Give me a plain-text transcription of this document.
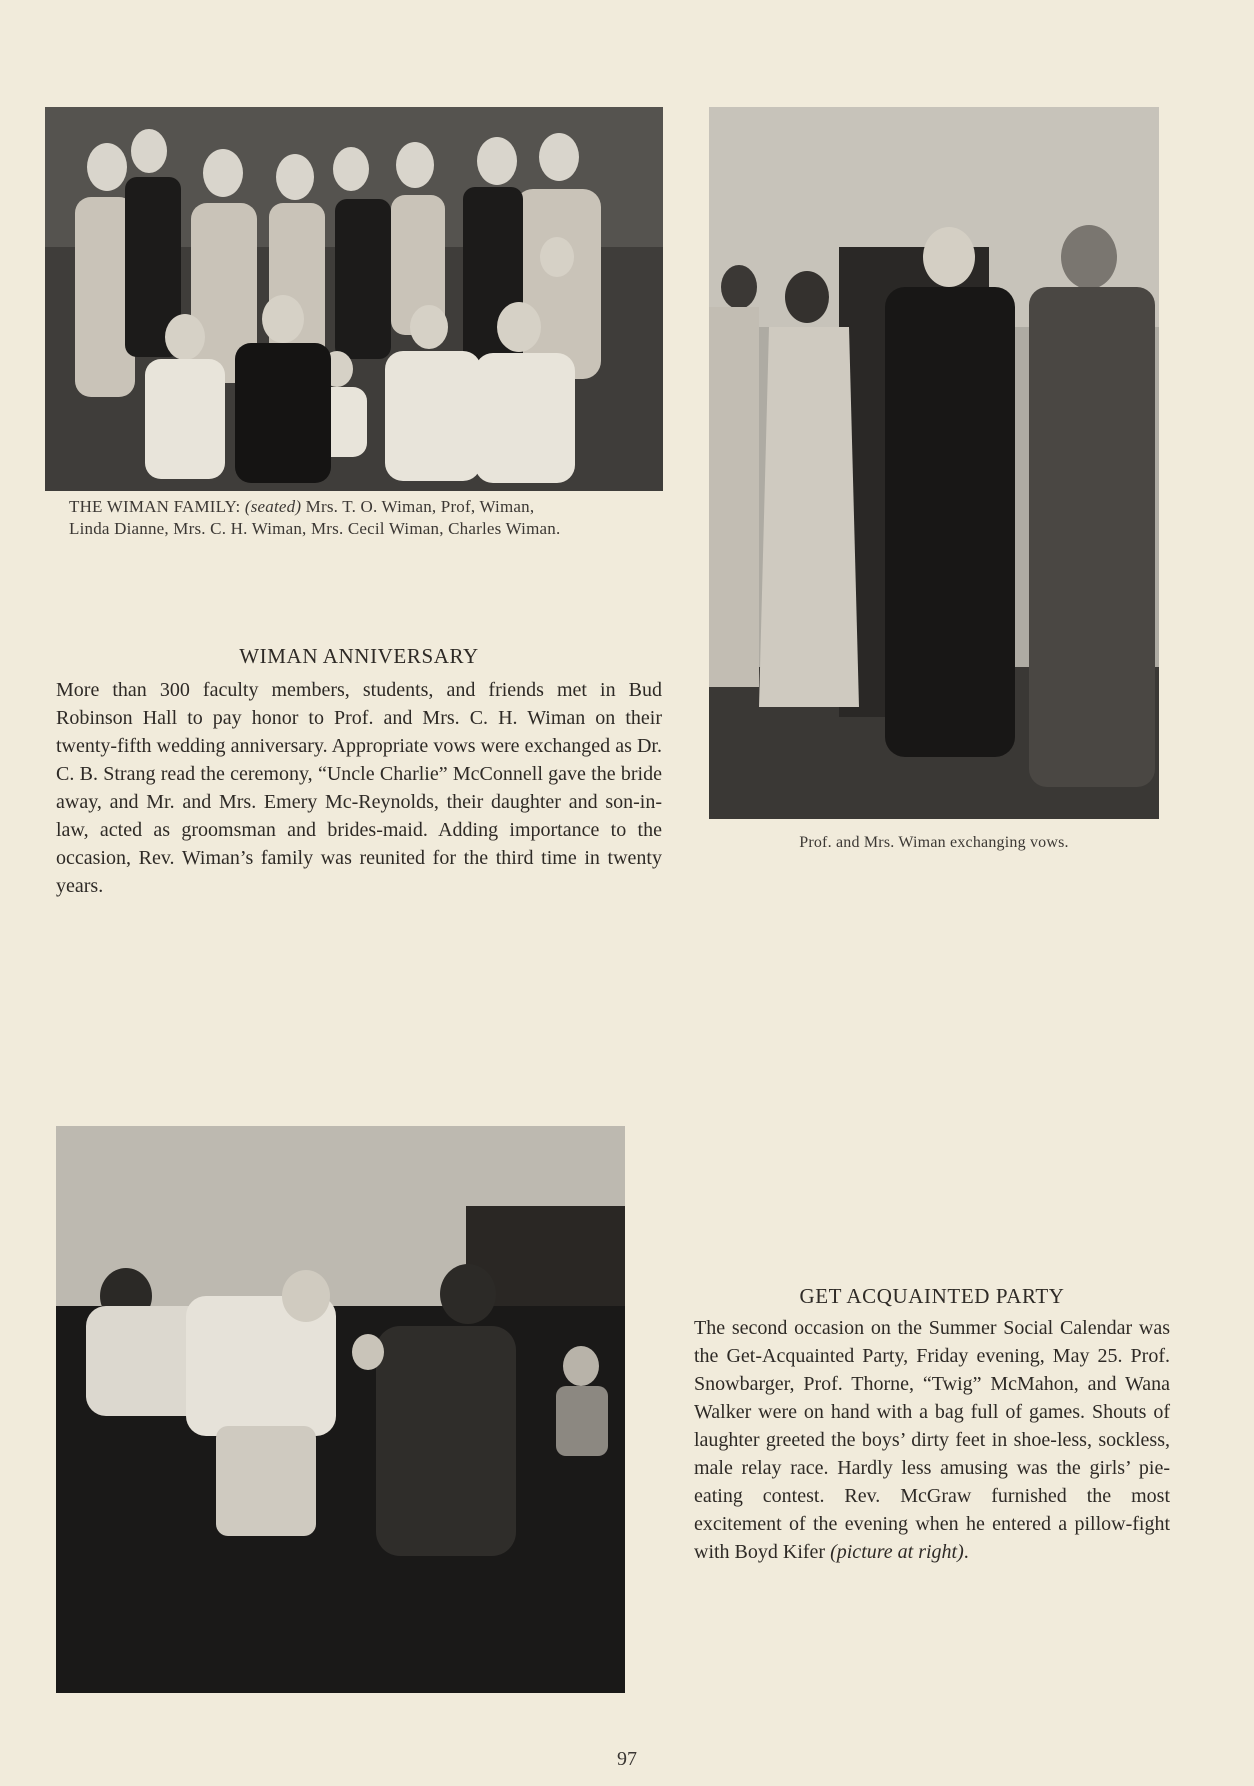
THE WIMAN FAMILY: (seated) Mrs. T. O. Wiman, Prof, Wiman,
Linda Dianne, Mrs. C. H. Wiman, Mrs. Cecil Wiman, Charles Wiman.
Prof. and Mrs. Wiman exchanging vows.
WIMAN ANNIVERSARY

More than 300 faculty members, students, and friends met in Bud Robinson Hall to pay honor to Prof. and Mrs. C. H. Wiman on their twenty-fifth wedding anniversary. Appropriate vows were exchanged as Dr. C. B. Strang read the ceremony, “Uncle Charlie” McConnell gave the bride away, and Mr. and Mrs. Emery Mc-Reynolds, their daughter and son-in-law, acted as groomsman and brides-maid. Adding importance to the occasion, Rev. Wiman’s family was reunited for the third time in twenty years.

GET ACQUAINTED PARTY

The second occasion on the Summer Social Calendar was the Get-Acquainted Party, Friday evening, May 25. Prof. Snowbarger, Prof. Thorne, “Twig” McMahon, and Wana Walker were on hand with a bag full of games. Shouts of laughter greeted the boys’ dirty feet in shoe-less, sockless, male relay race. Hardly less amusing was the girls’ pie-eating contest. Rev. McGraw furnished the most excitement of the evening when he entered a pillow-fight with Boyd Kifer (picture at right).

97
